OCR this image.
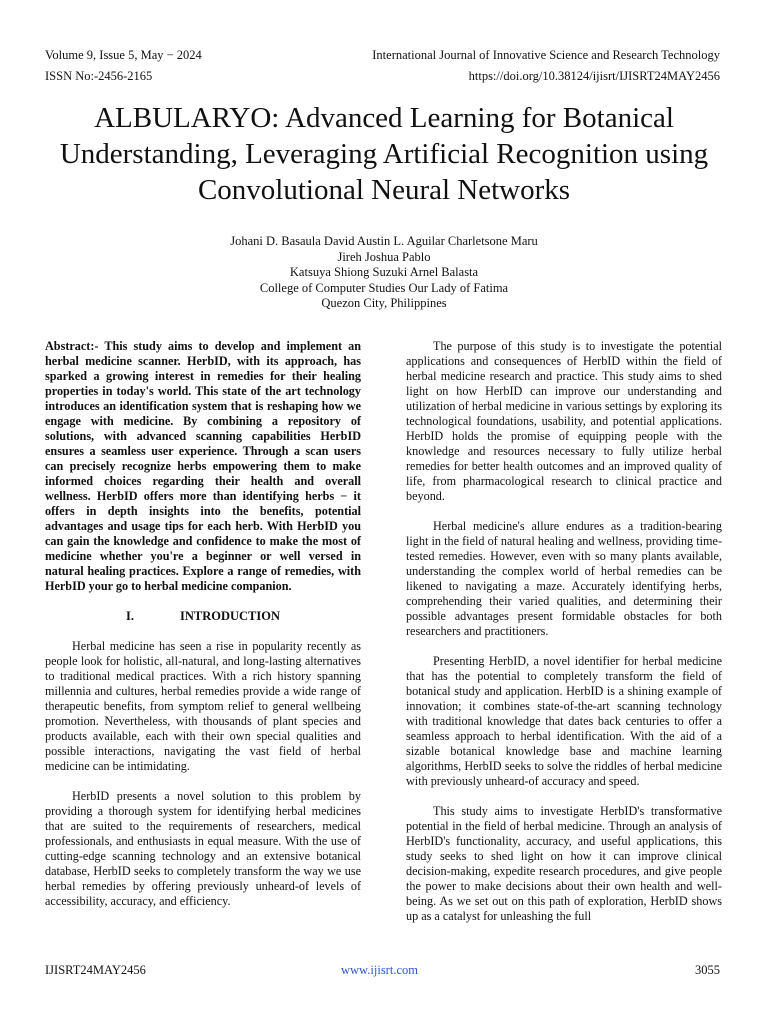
Volume 9, Issue 5, May − 2024
ISSN No:-2456-2165
International Journal of Innovative Science and Research Technology
https://doi.org/10.38124/ijisrt/IJISRT24MAY2456
ALBULARYO: Advanced Learning for Botanical
Understanding, Leveraging Artificial Recognition using
Convolutional Neural Networks
Johani D. Basaula David Austin L. Aguilar Charletsone Maru
Jireh Joshua Pablo
Katsuya Shiong Suzuki Arnel Balasta
College of Computer Studies Our Lady of Fatima
Quezon City, Philippines

Abstract:- This study aims to develop and implement an herbal medicine scanner. HerbID, with its approach, has sparked a growing interest in remedies for their healing properties in today's world. This state of the art technology introduces an identification system that is reshaping how we engage with medicine. By combining a repository of solutions, with advanced scanning capabilities HerbID ensures a seamless user experience. Through a scan users can precisely recognize herbs empowering them to make informed choices regarding their health and overall wellness. HerbID offers more than identifying herbs − it offers in depth insights into the benefits, potential advantages and usage tips for each herb. With HerbID you can gain the knowledge and confidence to make the most of medicine whether you're a beginner or well versed in natural healing practices. Explore a range of remedies, with HerbID your go to herbal medicine companion.

I.	INTRODUCTION

Herbal medicine has seen a rise in popularity recently as people look for holistic, all-natural, and long-lasting alternatives to traditional medical practices. With a rich history spanning millennia and cultures, herbal remedies provide a wide range of therapeutic benefits, from symptom relief to general wellbeing promotion. Nevertheless, with thousands of plant species and products available, each with their own special qualities and possible interactions, navigating the vast field of herbal medicine can be intimidating.

HerbID presents a novel solution to this problem by providing a thorough system for identifying herbal medicines that are suited to the requirements of researchers, medical professionals, and enthusiasts in equal measure. With the use of cutting-edge scanning technology and an extensive botanical database, HerbID seeks to completely transform the way we use herbal remedies by offering previously unheard-of levels of accessibility, accuracy, and efficiency.

The purpose of this study is to investigate the potential applications and consequences of HerbID within the field of herbal medicine research and practice. This study aims to shed light on how HerbID can improve our understanding and utilization of herbal medicine in various settings by exploring its technological foundations, usability, and potential applications. HerbID holds the promise of equipping people with the knowledge and resources necessary to fully utilize herbal remedies for better health outcomes and an improved quality of life, from pharmacological research to clinical practice and beyond.

Herbal medicine's allure endures as a tradition-bearing light in the field of natural healing and wellness, providing time-tested remedies. However, even with so many plants available, understanding the complex world of herbal remedies can be likened to navigating a maze. Accurately identifying herbs, comprehending their varied qualities, and determining their possible advantages present formidable obstacles for both researchers and practitioners.

Presenting HerbID, a novel identifier for herbal medicine that has the potential to completely transform the field of botanical study and application. HerbID is a shining example of innovation; it combines state-of-the-art scanning technology with traditional knowledge that dates back centuries to offer a seamless approach to herbal identification. With the aid of a sizable botanical knowledge base and machine learning algorithms, HerbID seeks to solve the riddles of herbal medicine with previously unheard-of accuracy and speed.

This study aims to investigate HerbID's transformative potential in the field of herbal medicine. Through an analysis of HerbID's functionality, accuracy, and useful applications, this study seeks to shed light on how it can improve clinical decision-making, expedite research procedures, and give people the power to make decisions about their own health and well-being. As we set out on this path of exploration, HerbID shows up as a catalyst for unleashing the full

IJISRT24MAY2456	www.ijisrt.com	3055
